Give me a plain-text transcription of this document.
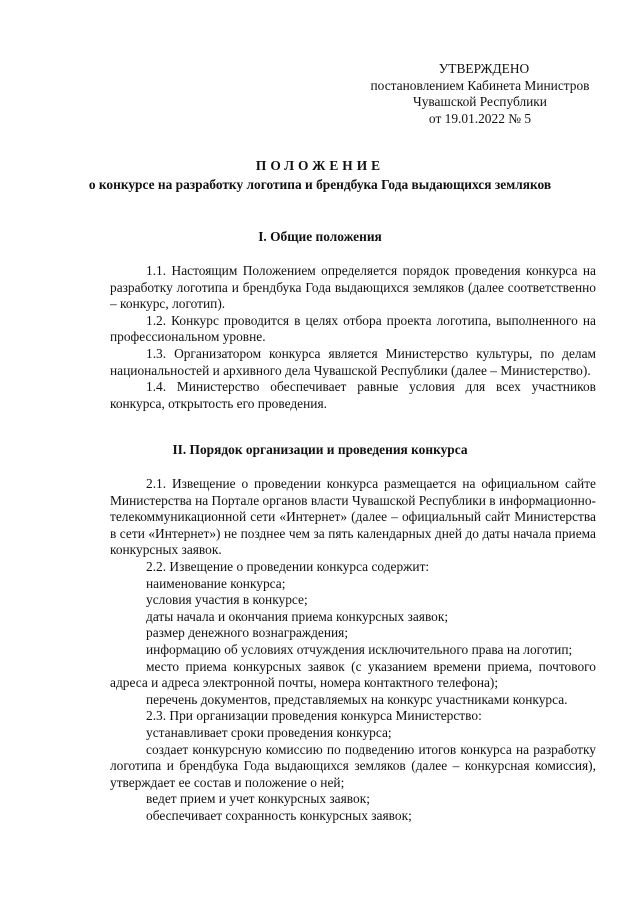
УТВЕРЖДЕНО
постановлением Кабинета Министров
Чувашской Республики
от 19.01.2022 № 5
ПОЛОЖЕНИЕ
о конкурсе на разработку логотипа и брендбука Года выдающихся земляков
I. Общие положения

1.1. Настоящим Положением определяется порядок проведения конкурса на разработку логотипа и брендбука Года выдающихся земляков (далее соответственно – конкурс, логотип).

1.2. Конкурс проводится в целях отбора проекта логотипа, выполненного на профессиональном уровне.

1.3. Организатором конкурса является Министерство культуры, по делам национальностей и архивного дела Чувашской Республики (далее – Министерство).

1.4. Министерство обеспечивает равные условия для всех участников конкурса, открытость его проведения.

II. Порядок организации и проведения конкурса

2.1. Извещение о проведении конкурса размещается на официальном сайте Министерства на Портале органов власти Чувашской Республики в информационно-телекоммуникационной сети «Интернет» (далее – официальный сайт Министерства в сети «Интернет») не позднее чем за пять календарных дней до даты начала приема конкурсных заявок.

2.2. Извещение о проведении конкурса содержит:

наименование конкурса;

условия участия в конкурсе;

даты начала и окончания приема конкурсных заявок;

размер денежного вознаграждения;

информацию об условиях отчуждения исключительного права на логотип;

место приема конкурсных заявок (с указанием времени приема, почтового адреса и адреса электронной почты, номера контактного телефона);

перечень документов, представляемых на конкурс участниками конкурса.

2.3. При организации проведения конкурса Министерство:

устанавливает сроки проведения конкурса;

создает конкурсную комиссию по подведению итогов конкурса на разработку логотипа и брендбука Года выдающихся земляков (далее – конкурсная комиссия), утверждает ее состав и положение о ней;

ведет прием и учет конкурсных заявок;

обеспечивает сохранность конкурсных заявок;
